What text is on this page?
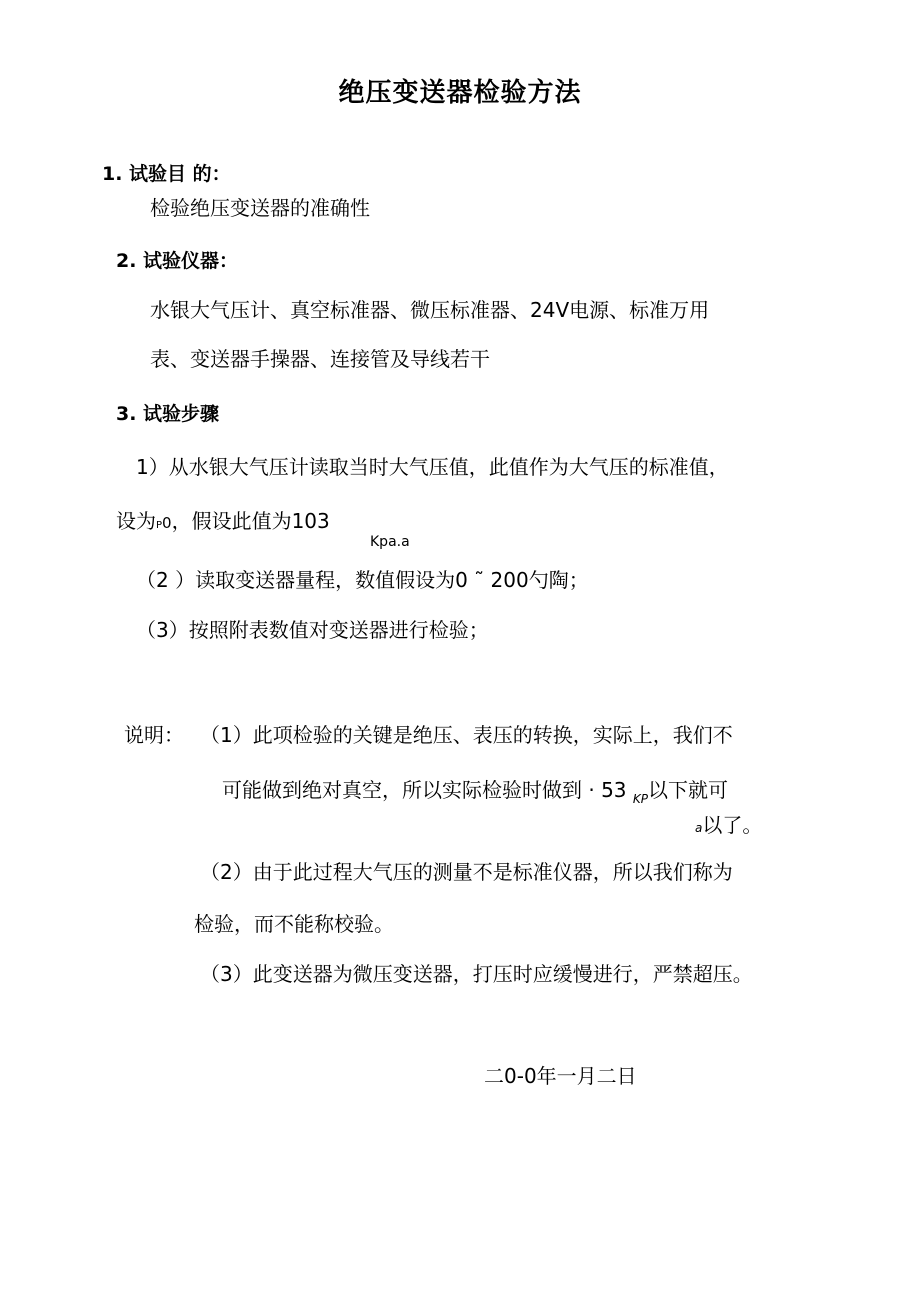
绝压变送器检验方法
1. 试验目 的：
检验绝压变送器的准确性
2. 试验仪器：
水银大气压计、真空标准器、微压标准器、24V电源、标准万用
表、变送器手操器、连接管及导线若干
3. 试验步骤
1）从水银大气压计读取当时大气压值，此值作为大气压的标准值，
设为P0，假设此值为103
Kpa.a
（2 ）读取变送器量程，数值假设为0 ˜ 200勺陶；
（3）按照附表数值对变送器进行检验；
说明： （1）此项检验的关键是绝压、表压的转换，实际上，我们不
可能做到绝对真空，所以实际检验时做到 · 53 $_{KP}$以下就可
a以了。
（2）由于此过程大气压的测量不是标准仪器，所以我们称为
检验，而不能称校验。
（3）此变送器为微压变送器，打压时应缓慢进行，严禁超压。
二0-0年一月二日
